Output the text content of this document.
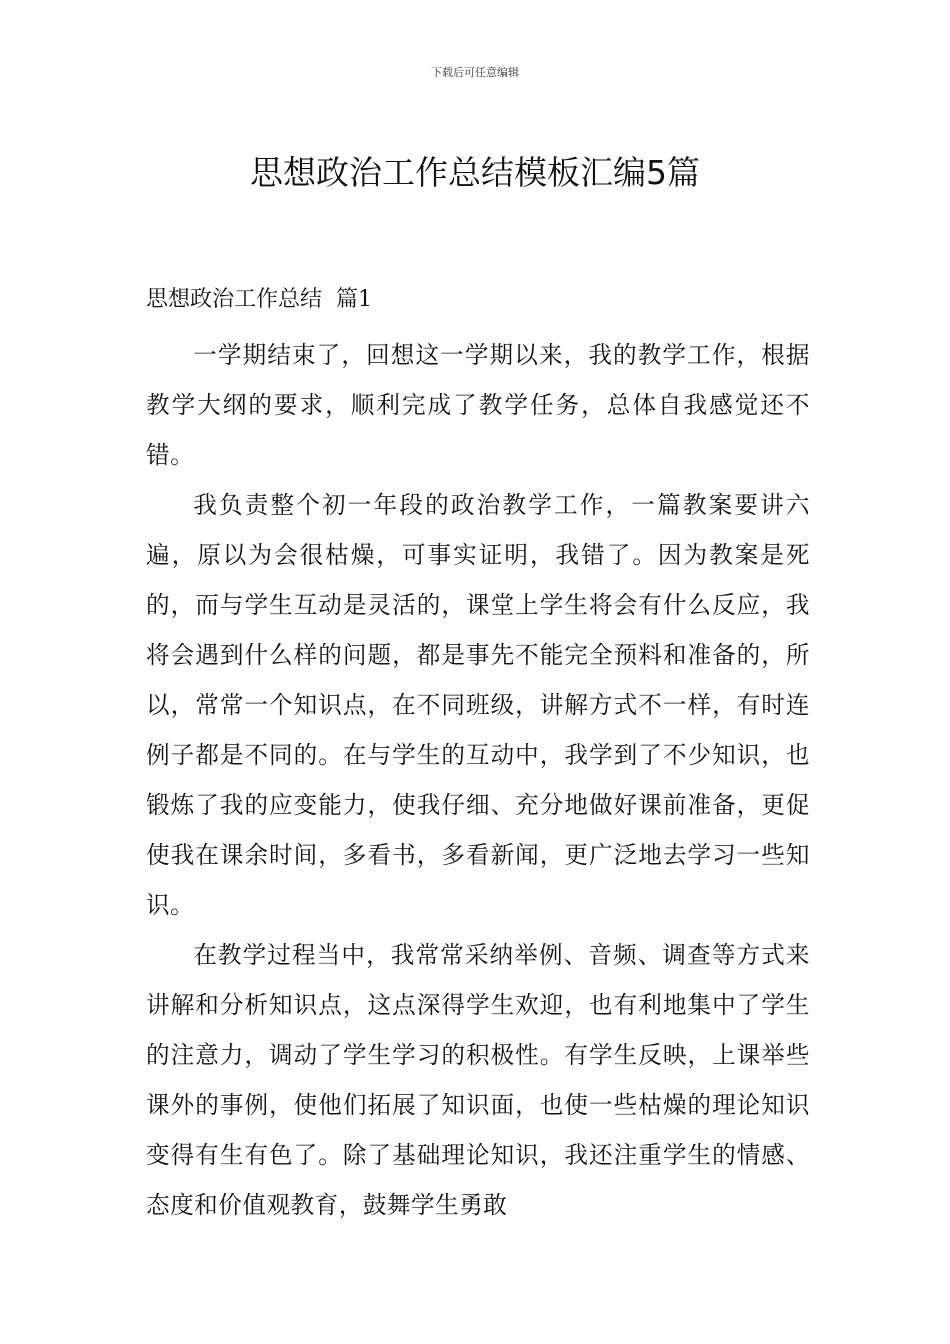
下载后可任意编辑
思想政治工作总结模板汇编5篇
思想政治工作总结  篇1

一学期结束了，回想这一学期以来，我的教学工作，根据教学大纲的要求，顺利完成了教学任务，总体自我感觉还不错。

我负责整个初一年段的政治教学工作，一篇教案要讲六遍，原以为会很枯燥，可事实证明，我错了。因为教案是死的，而与学生互动是灵活的，课堂上学生将会有什么反应，我将会遇到什么样的问题，都是事先不能完全预料和准备的，所以，常常一个知识点，在不同班级，讲解方式不一样，有时连例子都是不同的。在与学生的互动中，我学到了不少知识，也锻炼了我的应变能力，使我仔细、充分地做好课前准备，更促使我在课余时间，多看书，多看新闻，更广泛地去学习一些知识。

在教学过程当中，我常常采纳举例、音频、调查等方式来讲解和分析知识点，这点深得学生欢迎，也有利地集中了学生的注意力，调动了学生学习的积极性。有学生反映，上课举些课外的事例，使他们拓展了知识面，也使一些枯燥的理论知识变得有生有色了。除了基础理论知识，我还注重学生的情感、态度和价值观教育，鼓舞学生勇敢
